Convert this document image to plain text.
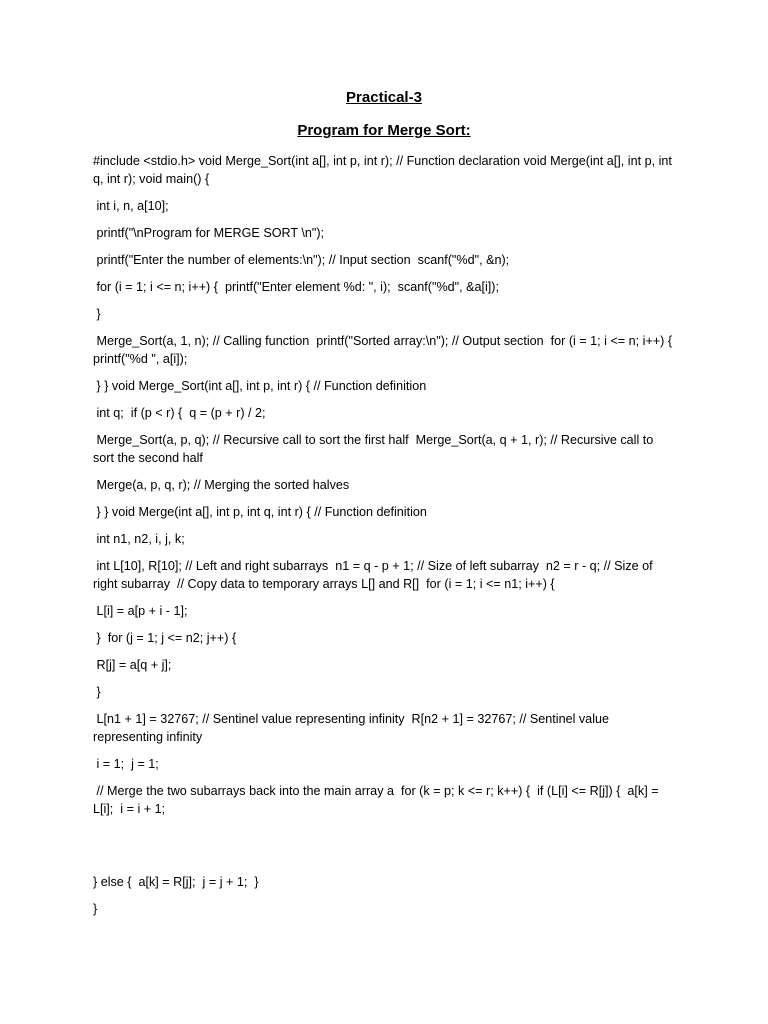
Practical-3
Program for Merge Sort:

#include <stdio.h> void Merge_Sort(int a[], int p, int r); // Function declaration void Merge(int a[], int p, int q, int r); void main() {

int i, n, a[10];

printf("\nProgram for MERGE SORT \n");

printf("Enter the number of elements:\n"); // Input section  scanf("%d", &n);

for (i = 1; i <= n; i++) {  printf("Enter element %d: ", i);  scanf("%d", &a[i]);

}

Merge_Sort(a, 1, n); // Calling function  printf("Sorted array:\n"); // Output section  for (i = 1; i <= n; i++) {  printf("%d ", a[i]);

} } void Merge_Sort(int a[], int p, int r) { // Function definition

int q;  if (p < r) {  q = (p + r) / 2;

Merge_Sort(a, p, q); // Recursive call to sort the first half  Merge_Sort(a, q + 1, r); // Recursive call to sort the second half

Merge(a, p, q, r); // Merging the sorted halves

} } void Merge(int a[], int p, int q, int r) { // Function definition

int n1, n2, i, j, k;

int L[10], R[10]; // Left and right subarrays  n1 = q - p + 1; // Size of left subarray  n2 = r - q; // Size of right subarray  // Copy data to temporary arrays L[] and R[]  for (i = 1; i <= n1; i++) {

L[i] = a[p + i - 1];

}  for (j = 1; j <= n2; j++) {

R[j] = a[q + j];

}

L[n1 + 1] = 32767; // Sentinel value representing infinity  R[n2 + 1] = 32767; // Sentinel value representing infinity

i = 1;  j = 1;

// Merge the two subarrays back into the main array a  for (k = p; k <= r; k++) {  if (L[i] <= R[j]) {  a[k] = L[i];  i = i + 1;

} else {  a[k] = R[j];  j = j + 1;  }

}
